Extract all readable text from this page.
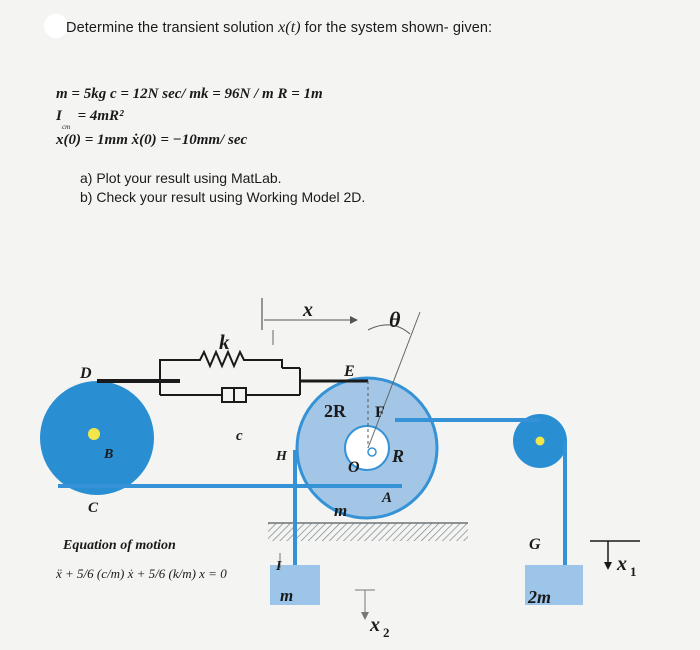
Determine the transient solution x(t) for the system shown- given:
m = 5kg c = 12N sec/ mk = 96N / m R = 1m
I = 4mR²
cm
x(0) = 1mm ẋ(0) = −10mm/ sec
a) Plot your result using MatLab.
b) Check your result using Working Model 2D.
k
c
D
B
C
x	θ
E
2R F
H
O
R
A
m
I
m
x 2
G
2m
x 1
Equation of motion
ẍ + 5/6 (c/m) ẋ + 5/6 (k/m) x = 0
